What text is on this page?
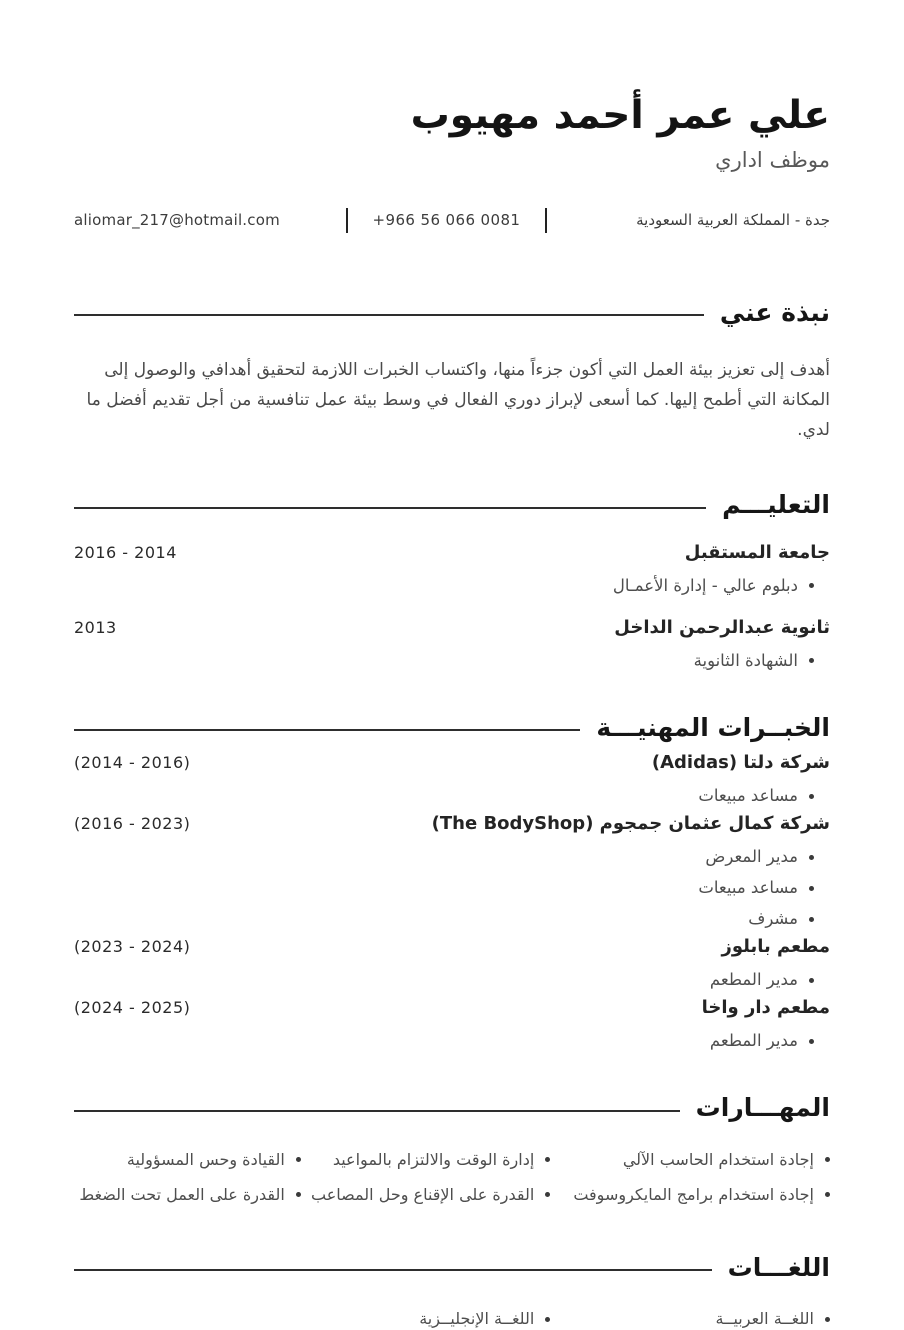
علي عمر أحمد مهيوب
موظف اداري
aliomar_217@hotmail.com	+966 56 066 0081	جدة - المملكة العربية السعودية
نبذة عني
أهدف إلى تعزيز بيئة العمل التي أكون جزءاً منها، واكتساب الخبرات اللازمة لتحقيق أهدافي والوصول إلى المكانة التي أطمح إليها. كما أسعى لإبراز دوري الفعال في وسط بيئة عمل تنافسية من أجل تقديم أفضل ما لدي.
التعليـــم
جامعة المستقبل
2016 - 2014
دبلوم عالي - إدارة الأعمـال
ثانوية عبدالرحمن الداخل
2013
الشهادة الثانوية
الخبــرات المهنيـــة
شركة دلتا (Adidas)
(2014 - 2016)
مساعد مبيعات
شركة كمال عثمان جمجوم (The BodyShop)
(2016 - 2023)
مدير المعرض
مساعد مبيعات
مشرف
مطعم بابلوز
(2023 - 2024)
مدير المطعم
مطعم دار واخا
(2024 - 2025)
مدير المطعم
المهـــارات
إجادة استخدام الحاسب الآلي
إدارة الوقت والالتزام بالمواعيد
القيادة وحس المسؤولية
إجادة استخدام برامج المايكروسوفت
القدرة على الإقناع وحل المصاعب
القدرة على العمل تحت الضغط
اللغـــات
اللغــة العربيــة
اللغــة الإنجليــزية
